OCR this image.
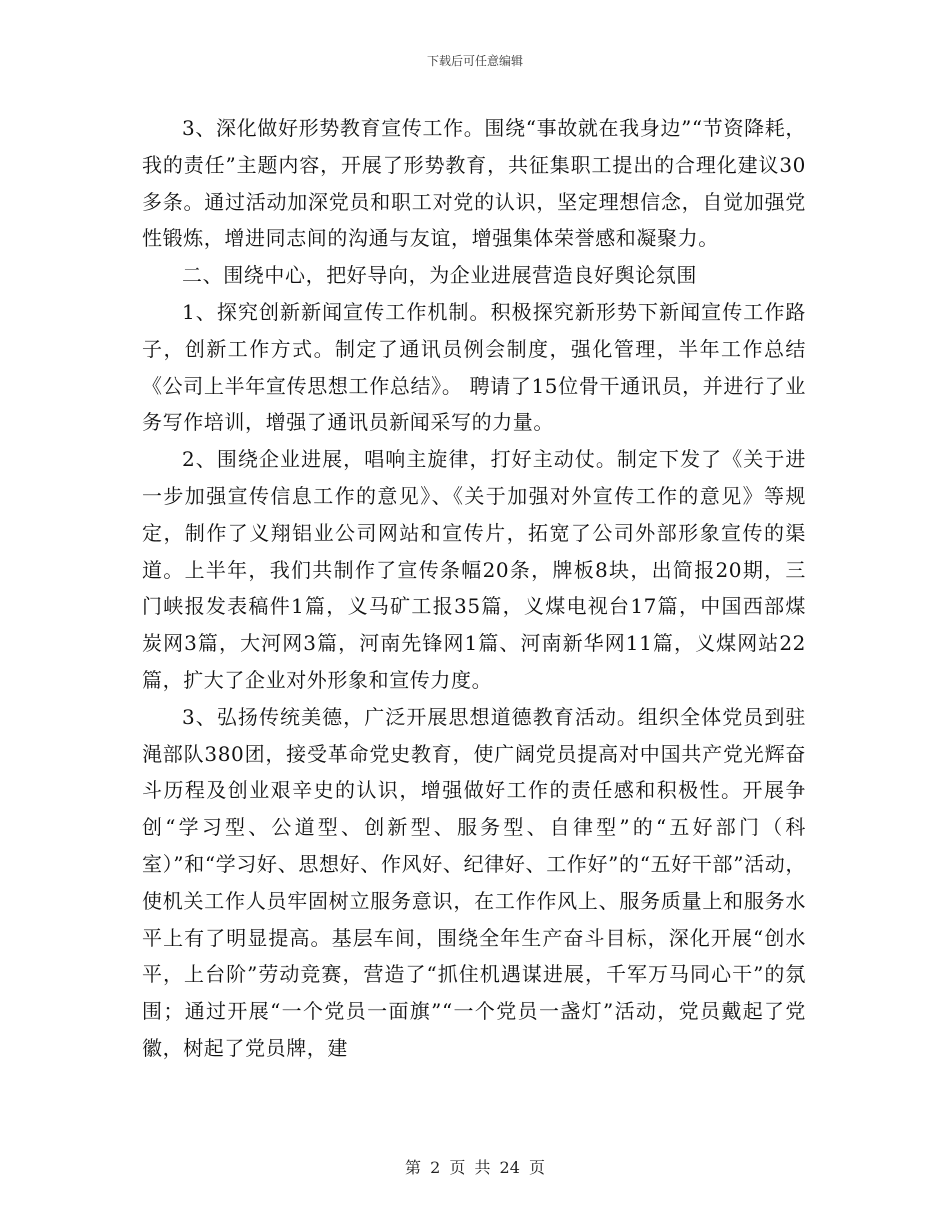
下载后可任意编辑

3、深化做好形势教育宣传工作。围绕“事故就在我身边”“节资降耗，我的责任”主题内容，开展了形势教育，共征集职工提出的合理化建议30多条。通过活动加深党员和职工对党的认识，坚定理想信念，自觉加强党性锻炼，增进同志间的沟通与友谊，增强集体荣誉感和凝聚力。

二、围绕中心，把好导向，为企业进展营造良好舆论氛围

1、探究创新新闻宣传工作机制。积极探究新形势下新闻宣传工作路子，创新工作方式。制定了通讯员例会制度，强化管理，半年工作总结《公司上半年宣传思想工作总结》。 聘请了15位骨干通讯员，并进行了业务写作培训，增强了通讯员新闻采写的力量。

2、围绕企业进展，唱响主旋律，打好主动仗。制定下发了《关于进一步加强宣传信息工作的意见》、《关于加强对外宣传工作的意见》等规定，制作了义翔铝业公司网站和宣传片，拓宽了公司外部形象宣传的渠道。上半年，我们共制作了宣传条幅20条，牌板8块，出简报20期，三门峡报发表稿件1篇，义马矿工报35篇，义煤电视台17篇，中国西部煤炭网3篇，大河网3篇，河南先锋网1篇、河南新华网11篇，义煤网站22篇，扩大了企业对外形象和宣传力度。

3、弘扬传统美德，广泛开展思想道德教育活动。组织全体党员到驻渑部队380团，接受革命党史教育，使广阔党员提高对中国共产党光辉奋斗历程及创业艰辛史的认识，增强做好工作的责任感和积极性。开展争创“学习型、公道型、创新型、服务型、自律型”的“五好部门（科室）”和“学习好、思想好、作风好、纪律好、工作好”的“五好干部”活动，使机关工作人员牢固树立服务意识，在工作作风上、服务质量上和服务水平上有了明显提高。基层车间，围绕全年生产奋斗目标，深化开展“创水平，上台阶”劳动竞赛，营造了“抓住机遇谋进展，千军万马同心干”的氛围；通过开展“一个党员一面旗”“一个党员一盏灯”活动，党员戴起了党徽，树起了党员牌，建

第 2 页 共 24 页
